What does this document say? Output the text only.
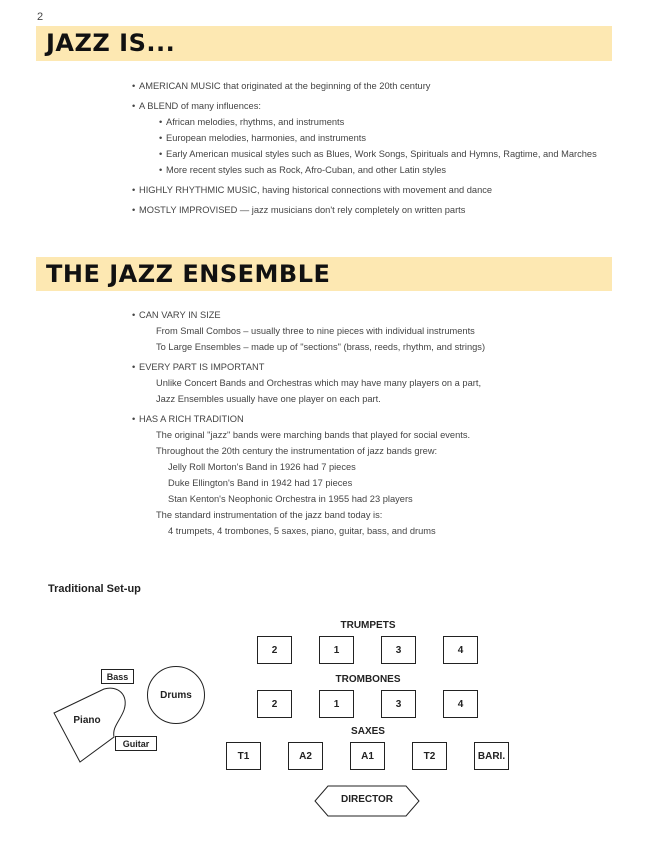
2
JAZZ IS...
• AMERICAN MUSIC that originated at the beginning of the 20th century
• A BLEND of many influences:
• African melodies, rhythms, and instruments
• European melodies, harmonies, and instruments
• Early American musical styles such as Blues, Work Songs, Spirituals and Hymns, Ragtime, and Marches
• More recent styles such as Rock, Afro-Cuban, and other Latin styles
• HIGHLY RHYTHMIC MUSIC, having historical connections with movement and dance
• MOSTLY IMPROVISED — jazz musicians don't rely completely on written parts
THE JAZZ ENSEMBLE
• CAN VARY IN SIZE
From Small Combos – usually three to nine pieces with individual instruments
To Large Ensembles – made up of "sections" (brass, reeds, rhythm, and strings)
• EVERY PART IS IMPORTANT
Unlike Concert Bands and Orchestras which may have many players on a part,
Jazz Ensembles usually have one player on each part.
• HAS A RICH TRADITION
The original "jazz" bands were marching bands that played for social events.
Throughout the 20th century the instrumentation of jazz bands grew:
Jelly Roll Morton's Band in 1926 had 7 pieces
Duke Ellington's Band in 1942 had 17 pieces
Stan Kenton's Neophonic Orchestra in 1955 had 23 players
The standard instrumentation of the jazz band today is:
4 trumpets, 4 trombones, 5 saxes, piano, guitar, bass, and drums
Traditional Set-up
TRUMPETS
2	1	3	4
TROMBONES
2	1	3	4
SAXES
T1	A2	A1	T2	BARI.
DIRECTOR
Bass
Drums
Piano
Guitar
